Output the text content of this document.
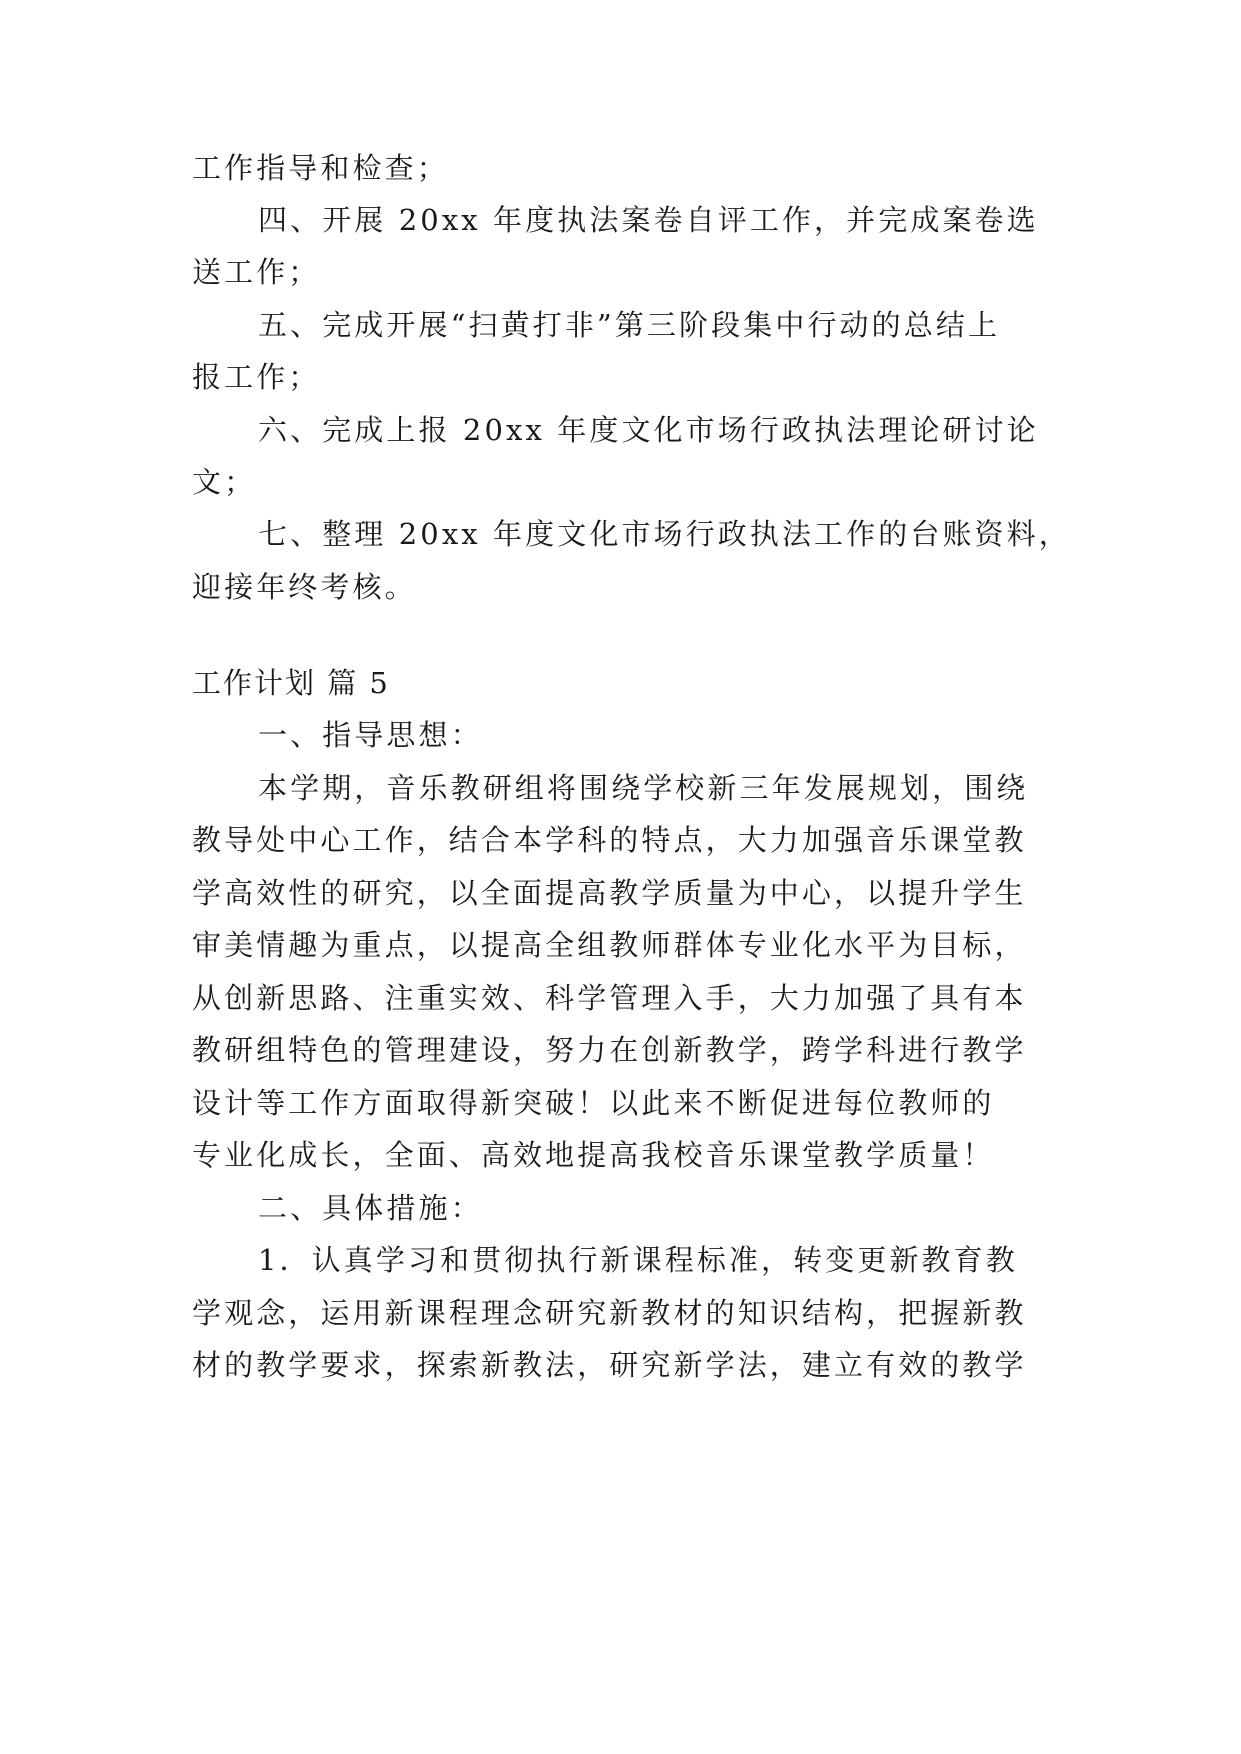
工作指导和检查；
四、开展 20xx 年度执法案卷自评工作，并完成案卷选
送工作；
五、完成开展“扫黄打非”第三阶段集中行动的总结上
报工作；
六、完成上报 20xx 年度文化市场行政执法理论研讨论
文；
七、整理 20xx 年度文化市场行政执法工作的台账资料，
迎接年终考核。
工作计划 篇 5
一、指导思想：
本学期，音乐教研组将围绕学校新三年发展规划，围绕
教导处中心工作，结合本学科的特点，大力加强音乐课堂教
学高效性的研究，以全面提高教学质量为中心，以提升学生
审美情趣为重点，以提高全组教师群体专业化水平为目标，
从创新思路、注重实效、科学管理入手，大力加强了具有本
教研组特色的管理建设，努力在创新教学，跨学科进行教学
设计等工作方面取得新突破！以此来不断促进每位教师的
专业化成长，全面、高效地提高我校音乐课堂教学质量！
二、具体措施：
1．认真学习和贯彻执行新课程标准，转变更新教育教
学观念，运用新课程理念研究新教材的知识结构，把握新教
材的教学要求，探索新教法，研究新学法，建立有效的教学
